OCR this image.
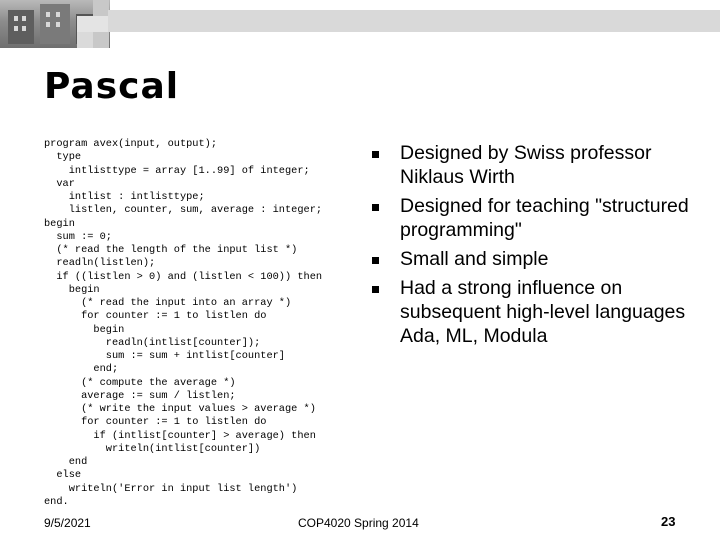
Pascal
program avex(input, output);
type
intlisttype = array [1..99] of integer;
var
intlist : intlisttype;
listlen, counter, sum, average : integer;
begin
sum := 0;
(* read the length of the input list *)
readln(listlen);
if ((listlen > 0) and (listlen < 100)) then
begin
(* read the input into an array *)
for counter := 1 to listlen do
begin
readln(intlist[counter]);
sum := sum + intlist[counter]
end;
(* compute the average *)
average := sum / listlen;
(* write the input values > average *)
for counter := 1 to listlen do
if (intlist[counter] > average) then
writeln(intlist[counter])
end
else
writeln('Error in input list length')
end.
Designed by Swiss professor Niklaus Wirth
Designed for teaching "structured programming"
Small and simple
Had a strong influence on subsequent high-level languages Ada, ML, Modula
9/5/2021	COP4020 Spring 2014	23
